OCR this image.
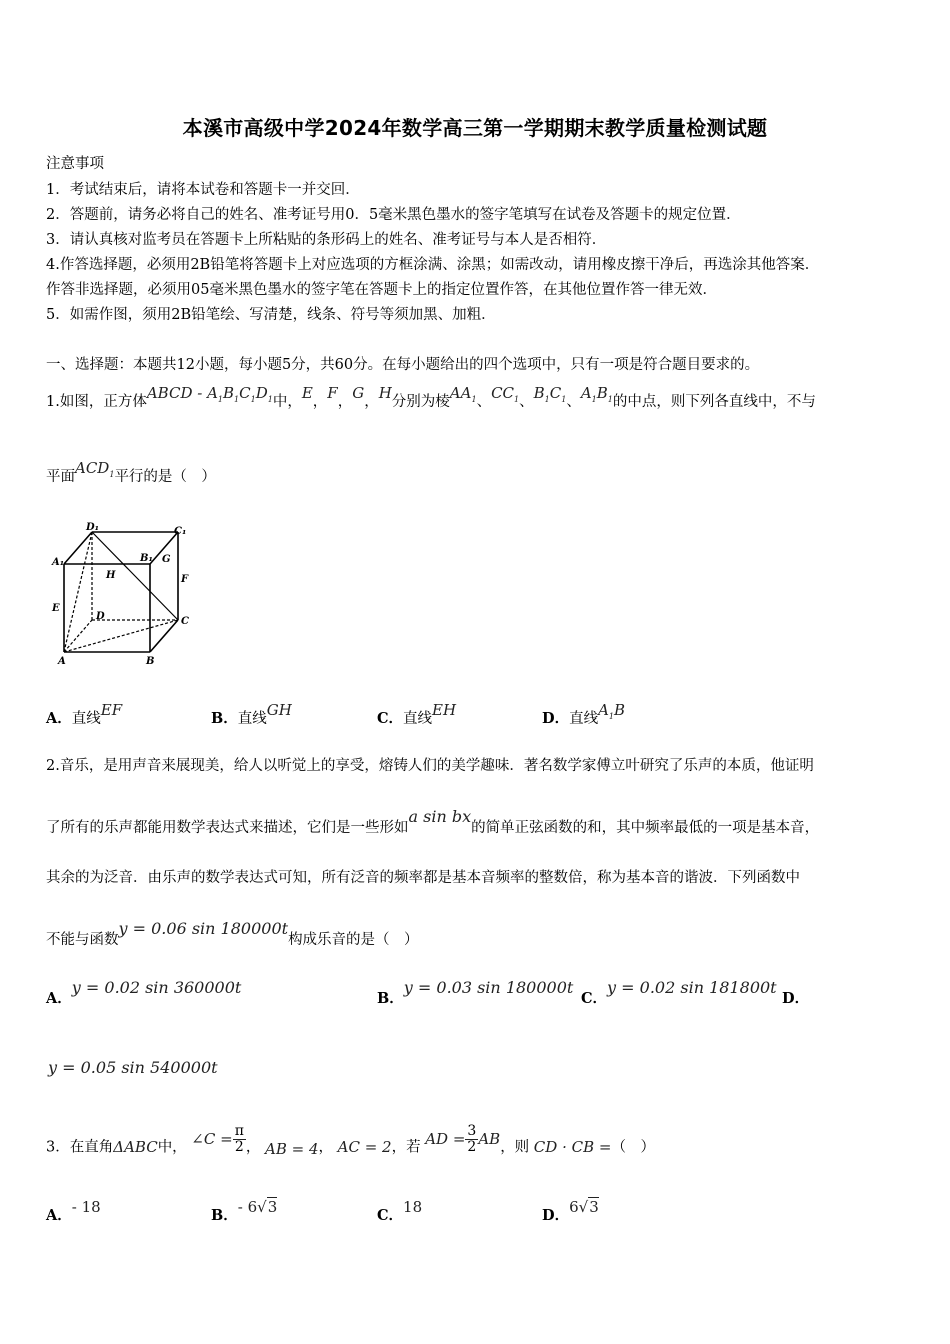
本溪市高级中学2024年数学高三第一学期期末教学质量检测试题
注意事项
1．考试结束后，请将本试卷和答题卡一并交回．
2．答题前，请务必将自己的姓名、准考证号用0．5毫米黑色墨水的签字笔填写在试卷及答题卡的规定位置．
3．请认真核对监考员在答题卡上所粘贴的条形码上的姓名、准考证号与本人是否相符．
4.作答选择题，必须用2B铅笔将答题卡上对应选项的方框涂满、涂黑；如需改动，请用橡皮擦干净后，再选涂其他答案．
作答非选择题，必须用05毫米黑色墨水的签字笔在答题卡上的指定位置作答，在其他位置作答一律无效．
5．如需作图，须用2B铅笔绘、写清楚，线条、符号等须加黑、加粗．
一、选择题：本题共12小题，每小题5分，共60分。在每小题给出的四个选项中，只有一项是符合题目要求的。
1.如图，正方体ABCD - $A_1B_1C_1D_1$中，E，F，G，H分别为棱$AA_1$、$CC_1$、$B_1C_1$、$A_1B_1$的中点，则下列各直线中，不与
平面$ACD_1$平行的是（　）
D₁	C₁
A₁	B₁ G
H	F
E
D	C
A	B
A．直线EF	B．直线GH	C．直线EH	D．直线$A_1B$
2.音乐，是用声音来展现美，给人以听觉上的享受，熔铸人们的美学趣味．著名数学家傅立叶研究了乐声的本质，他证明
了所有的乐声都能用数学表达式来描述，它们是一些形如a sin bx的简单正弦函数的和，其中频率最低的一项是基本音，
其余的为泛音．由乐声的数学表达式可知，所有泛音的频率都是基本音频率的整数倍，称为基本音的谐波．下列函数中
不能与函数y = 0.06 sin 180000t构成乐音的是（　）
A．y = 0.02 sin 360000t
B．y = 0.03 sin 180000t
C．y = 0.02 sin 181800t
D．
y = 0.05 sin 540000t
3．在直角ΔABC中， ∠C = $\frac{\pi}{2}$ ， AB = 4， AC = 2，若 AD = $\frac{3}{2}$ AB，则 CD · CB =（　）
A．- 18	B．- 6√3	C．18	D．6√3
